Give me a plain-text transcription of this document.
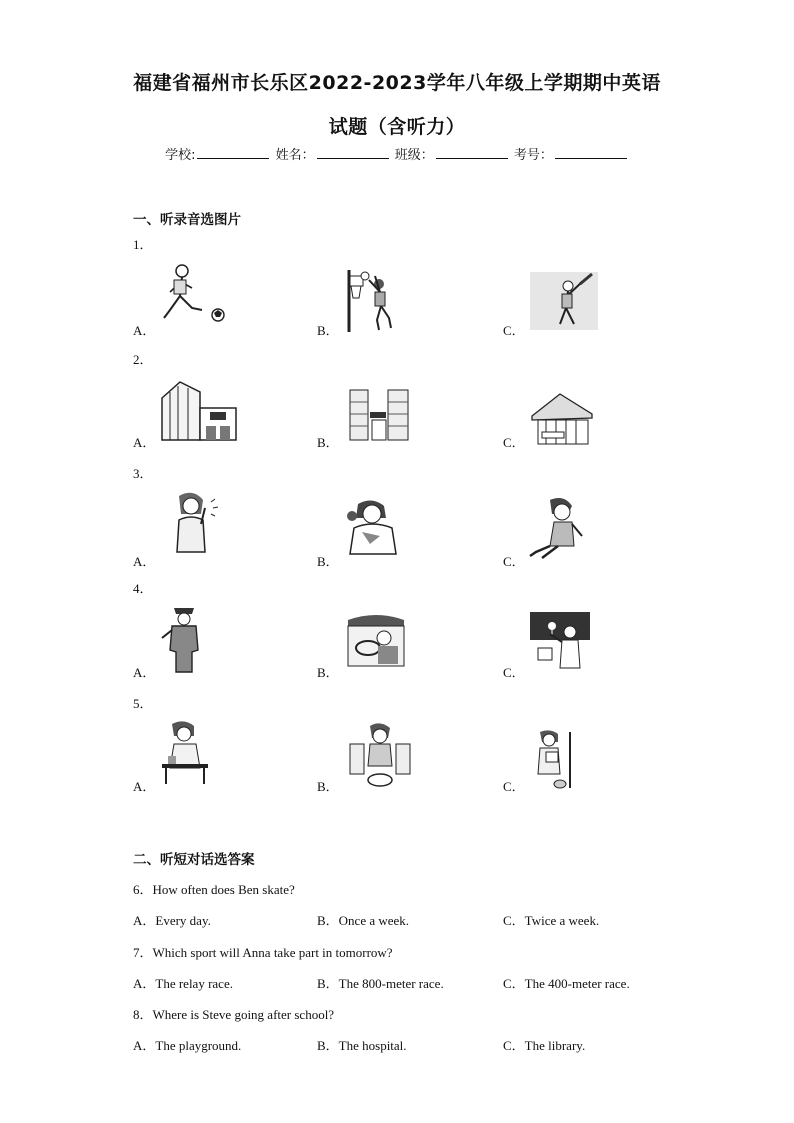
福建省福州市长乐区2022-2023学年八年级上学期期中英语
试题（含听力）
学校:	姓名：	班级：	考号：
一、听录音选图片
1．
A．	B．	C．
2．
A．	B．	C．
3．
A．	B．	C．
4．
A．	B．	C．
5．
A．	B．	C．
二、听短对话选答案
6．How often does Ben skate?
A．Every day.	B．Once a week.	C．Twice a week.
7．Which sport will Anna take part in tomorrow?
A．The relay race.	B．The 800-meter race.	C．The 400-meter race.
8．Where is Steve going after school?
A．The playground.	B．The hospital.	C．The library.
